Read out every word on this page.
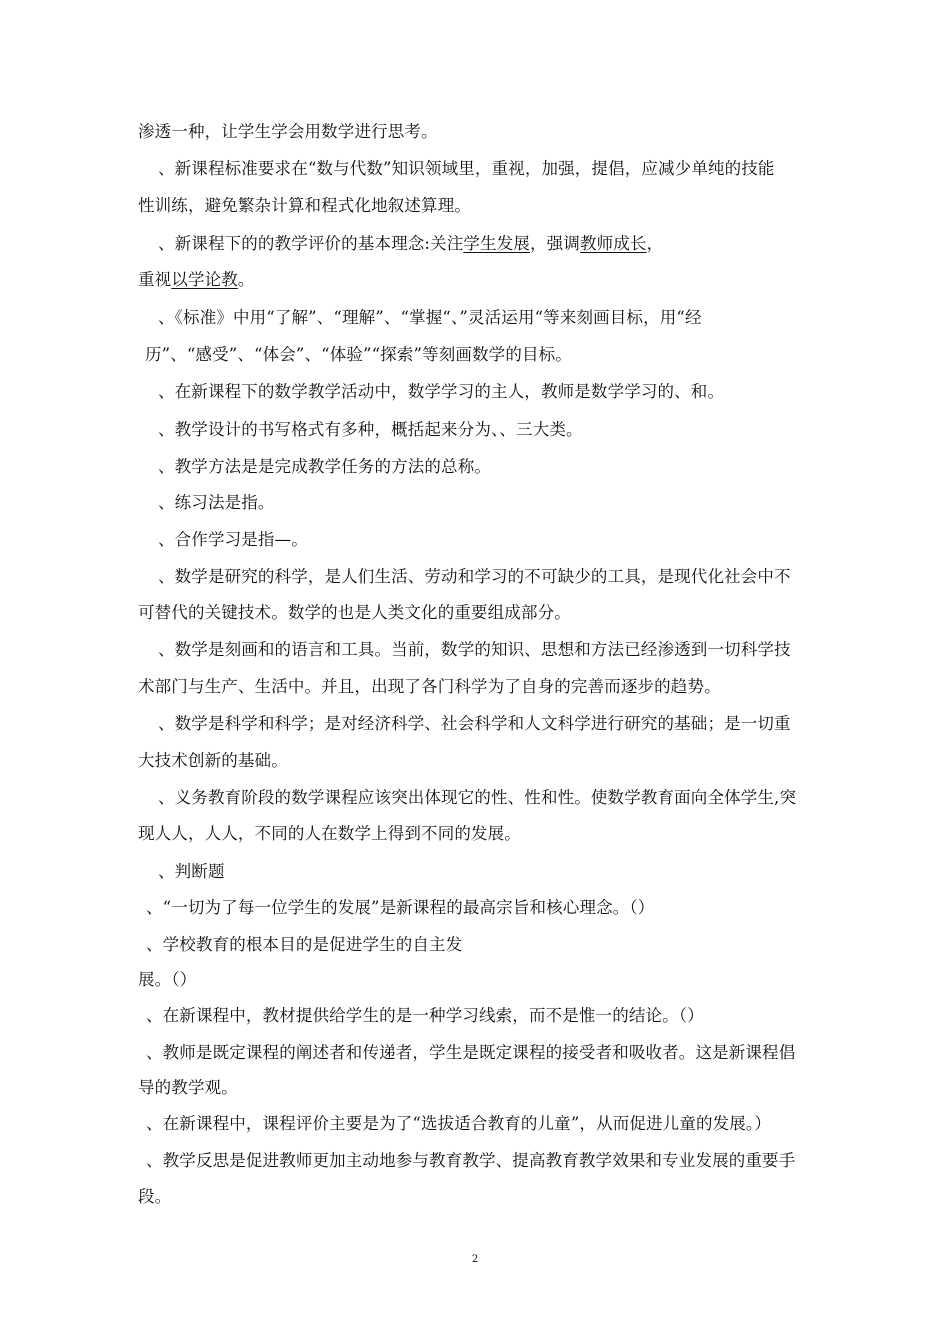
渗透一种，让学生学会用数学进行思考。
、新课程标准要求在“数与代数”知识领域里，重视，加强，提倡，应减少单纯的技能
性训练，避免繁杂计算和程式化地叙述算理。
、新课程下的的教学评价的基本理念:关注学生发展，强调教师成长，
重视以学论教。
、《标准》中用“了解”、“理解”、“掌握“、”灵活运用“等来刻画目标，用“经
历”、“感受”、“体会”、“体验”“探索”等刻画数学的目标。
、在新课程下的数学教学活动中，数学学习的主人，教师是数学学习的、和。
、教学设计的书写格式有多种，概括起来分为、、三大类。
、教学方法是是完成教学任务的方法的总称。
、练习法是指。
、合作学习是指—。
、数学是研究的科学，是人们生活、劳动和学习的不可缺少的工具，是现代化社会中不
可替代的关键技术。数学的也是人类文化的重要组成部分。
、数学是刻画和的语言和工具。当前，数学的知识、思想和方法已经渗透到一切科学技
术部门与生产、生活中。并且，出现了各门科学为了自身的完善而逐步的趋势。
、数学是科学和科学；是对经济科学、社会科学和人文科学进行研究的基础；是一切重
大技术创新的基础。
、义务教育阶段的数学课程应该突出体现它的性、性和性。使数学教育面向全体学生,突
现人人，人人，不同的人在数学上得到不同的发展。
、判断题
、“一切为了每一位学生的发展”是新课程的最高宗旨和核心理念。（）
、学校教育的根本目的是促进学生的自主发
展。（）
、在新课程中，教材提供给学生的是一种学习线索，而不是惟一的结论。（）
、教师是既定课程的阐述者和传递者，学生是既定课程的接受者和吸收者。这是新课程倡
导的教学观。
、在新课程中，课程评价主要是为了“选拔适合教育的儿童”，从而促进儿童的发展。）
、教学反思是促进教师更加主动地参与教育教学、提高教育教学效果和专业发展的重要手
段。
2
